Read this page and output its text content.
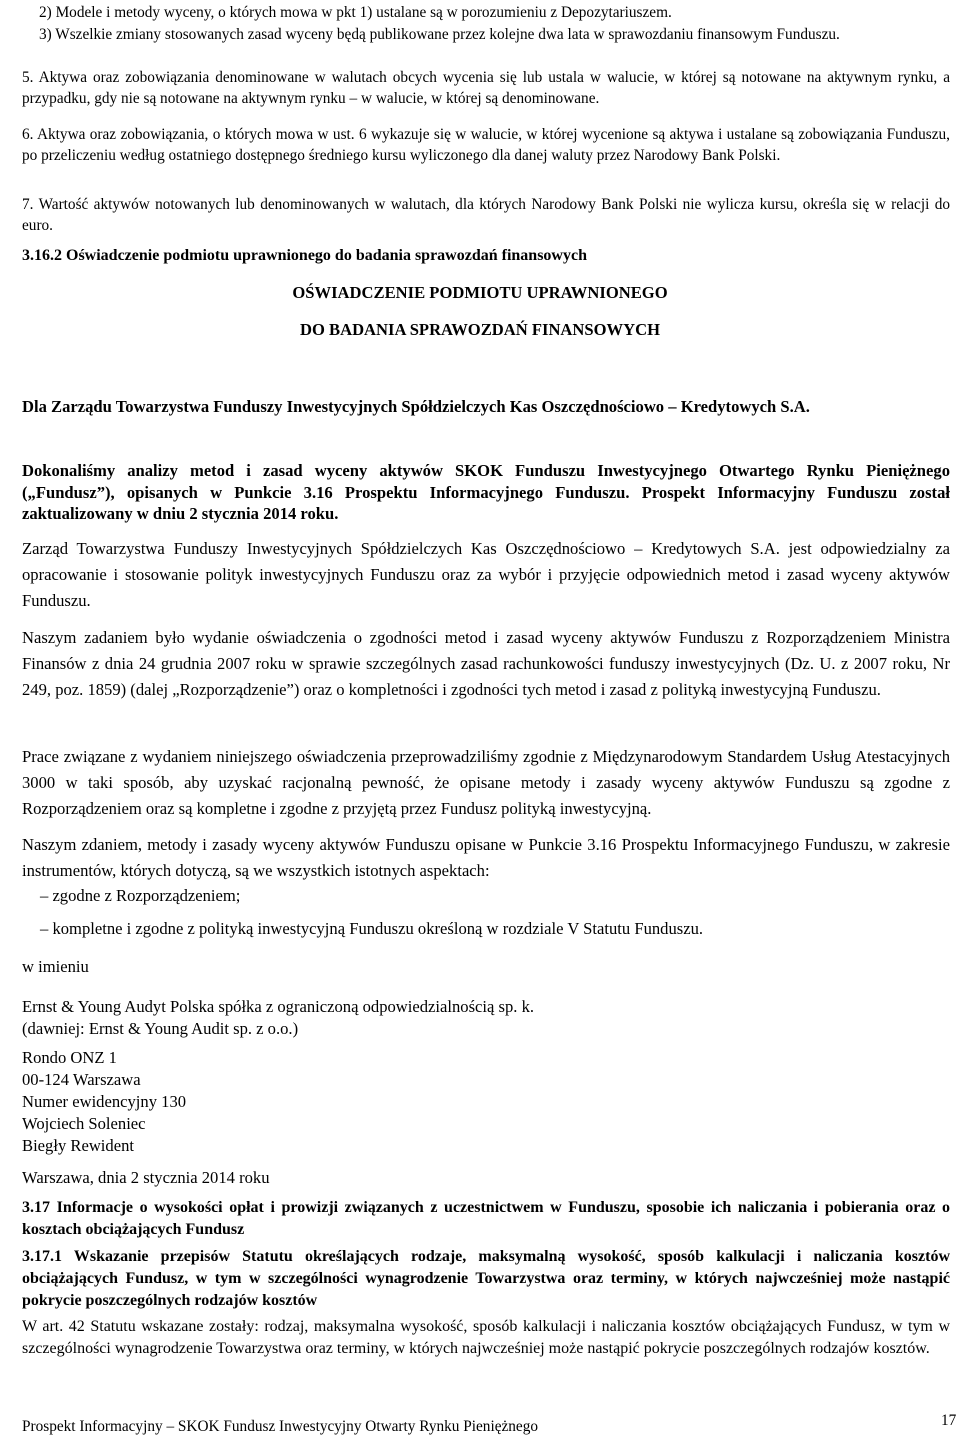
2) Modele i metody wyceny, o których mowa w pkt 1) ustalane są w porozumieniu z Depozytariuszem.

3) Wszelkie zmiany stosowanych zasad wyceny będą publikowane przez kolejne dwa lata w sprawozdaniu finansowym Funduszu.

5. Aktywa oraz zobowiązania denominowane w walutach obcych wycenia się lub ustala w walucie, w której są notowane na aktywnym rynku, a przypadku, gdy nie są notowane na aktywnym rynku – w walucie, w której są denominowane.

6. Aktywa oraz zobowiązania, o których mowa w ust. 6 wykazuje się w walucie, w której wycenione są aktywa i ustalane są zobowiązania Funduszu, po przeliczeniu według ostatniego dostępnego średniego kursu wyliczonego dla danej waluty przez Narodowy Bank Polski.

7. Wartość aktywów notowanych lub denominowanych w walutach, dla których Narodowy Bank Polski nie wylicza kursu, określa się w relacji do euro.

3.16.2 Oświadczenie podmiotu uprawnionego do badania sprawozdań finansowych

OŚWIADCZENIE PODMIOTU UPRAWNIONEGO

DO BADANIA SPRAWOZDAŃ FINANSOWYCH

Dla Zarządu Towarzystwa Funduszy Inwestycyjnych Spółdzielczych Kas Oszczędnościowo – Kredytowych S.A.

Dokonaliśmy analizy metod i zasad wyceny aktywów SKOK Funduszu Inwestycyjnego Otwartego Rynku Pieniężnego („Fundusz”), opisanych w Punkcie 3.16 Prospektu Informacyjnego Funduszu. Prospekt Informacyjny Funduszu został zaktualizowany w dniu 2 stycznia 2014 roku.

Zarząd Towarzystwa Funduszy Inwestycyjnych Spółdzielczych Kas Oszczędnościowo – Kredytowych S.A. jest odpowiedzialny za opracowanie i stosowanie polityk inwestycyjnych Funduszu oraz za wybór i przyjęcie odpowiednich metod i zasad wyceny aktywów Funduszu.

Naszym zadaniem było wydanie oświadczenia o zgodności metod i zasad wyceny aktywów Funduszu z Rozporządzeniem Ministra Finansów z dnia 24 grudnia 2007 roku w sprawie szczególnych zasad rachunkowości funduszy inwestycyjnych (Dz. U. z 2007 roku, Nr 249, poz. 1859) (dalej „Rozporządzenie”) oraz o kompletności i zgodności tych metod i zasad z polityką inwestycyjną Funduszu.

Prace związane z wydaniem niniejszego oświadczenia przeprowadziliśmy zgodnie z Międzynarodowym Standardem Usług Atestacyjnych 3000 w taki sposób, aby uzyskać racjonalną pewność, że opisane metody i zasady wyceny aktywów Funduszu są zgodne z Rozporządzeniem oraz są kompletne i zgodne z przyjętą przez Fundusz polityką inwestycyjną.

Naszym zdaniem, metody i zasady wyceny aktywów Funduszu opisane w Punkcie 3.16 Prospektu Informacyjnego Funduszu, w zakresie instrumentów, których dotyczą, są we wszystkich istotnych aspektach:

– zgodne z Rozporządzeniem;

– kompletne i zgodne z polityką inwestycyjną Funduszu określoną w rozdziale V Statutu Funduszu.

w imieniu

Ernst & Young Audyt Polska spółka z ograniczoną odpowiedzialnością sp. k.

(dawniej: Ernst & Young Audit sp. z o.o.)

Rondo ONZ 1

00-124 Warszawa

Numer ewidencyjny 130

Wojciech Soleniec

Biegły Rewident

Warszawa, dnia 2 stycznia 2014 roku

3.17 Informacje o wysokości opłat i prowizji związanych z uczestnictwem w Funduszu, sposobie ich naliczania i pobierania oraz o kosztach obciążających Fundusz

3.17.1 Wskazanie przepisów Statutu określających rodzaje, maksymalną wysokość, sposób kalkulacji i naliczania kosztów obciążających Fundusz, w tym w szczególności wynagrodzenie Towarzystwa oraz terminy, w których najwcześniej może nastąpić pokrycie poszczególnych rodzajów kosztów

W art. 42 Statutu wskazane zostały: rodzaj, maksymalna wysokość, sposób kalkulacji i naliczania kosztów obciążających Fundusz, w tym w szczególności wynagrodzenie Towarzystwa oraz terminy, w których najwcześniej może nastąpić pokrycie poszczególnych rodzajów kosztów.

Prospekt Informacyjny – SKOK Fundusz Inwestycyjny Otwarty Rynku Pieniężnego	17
